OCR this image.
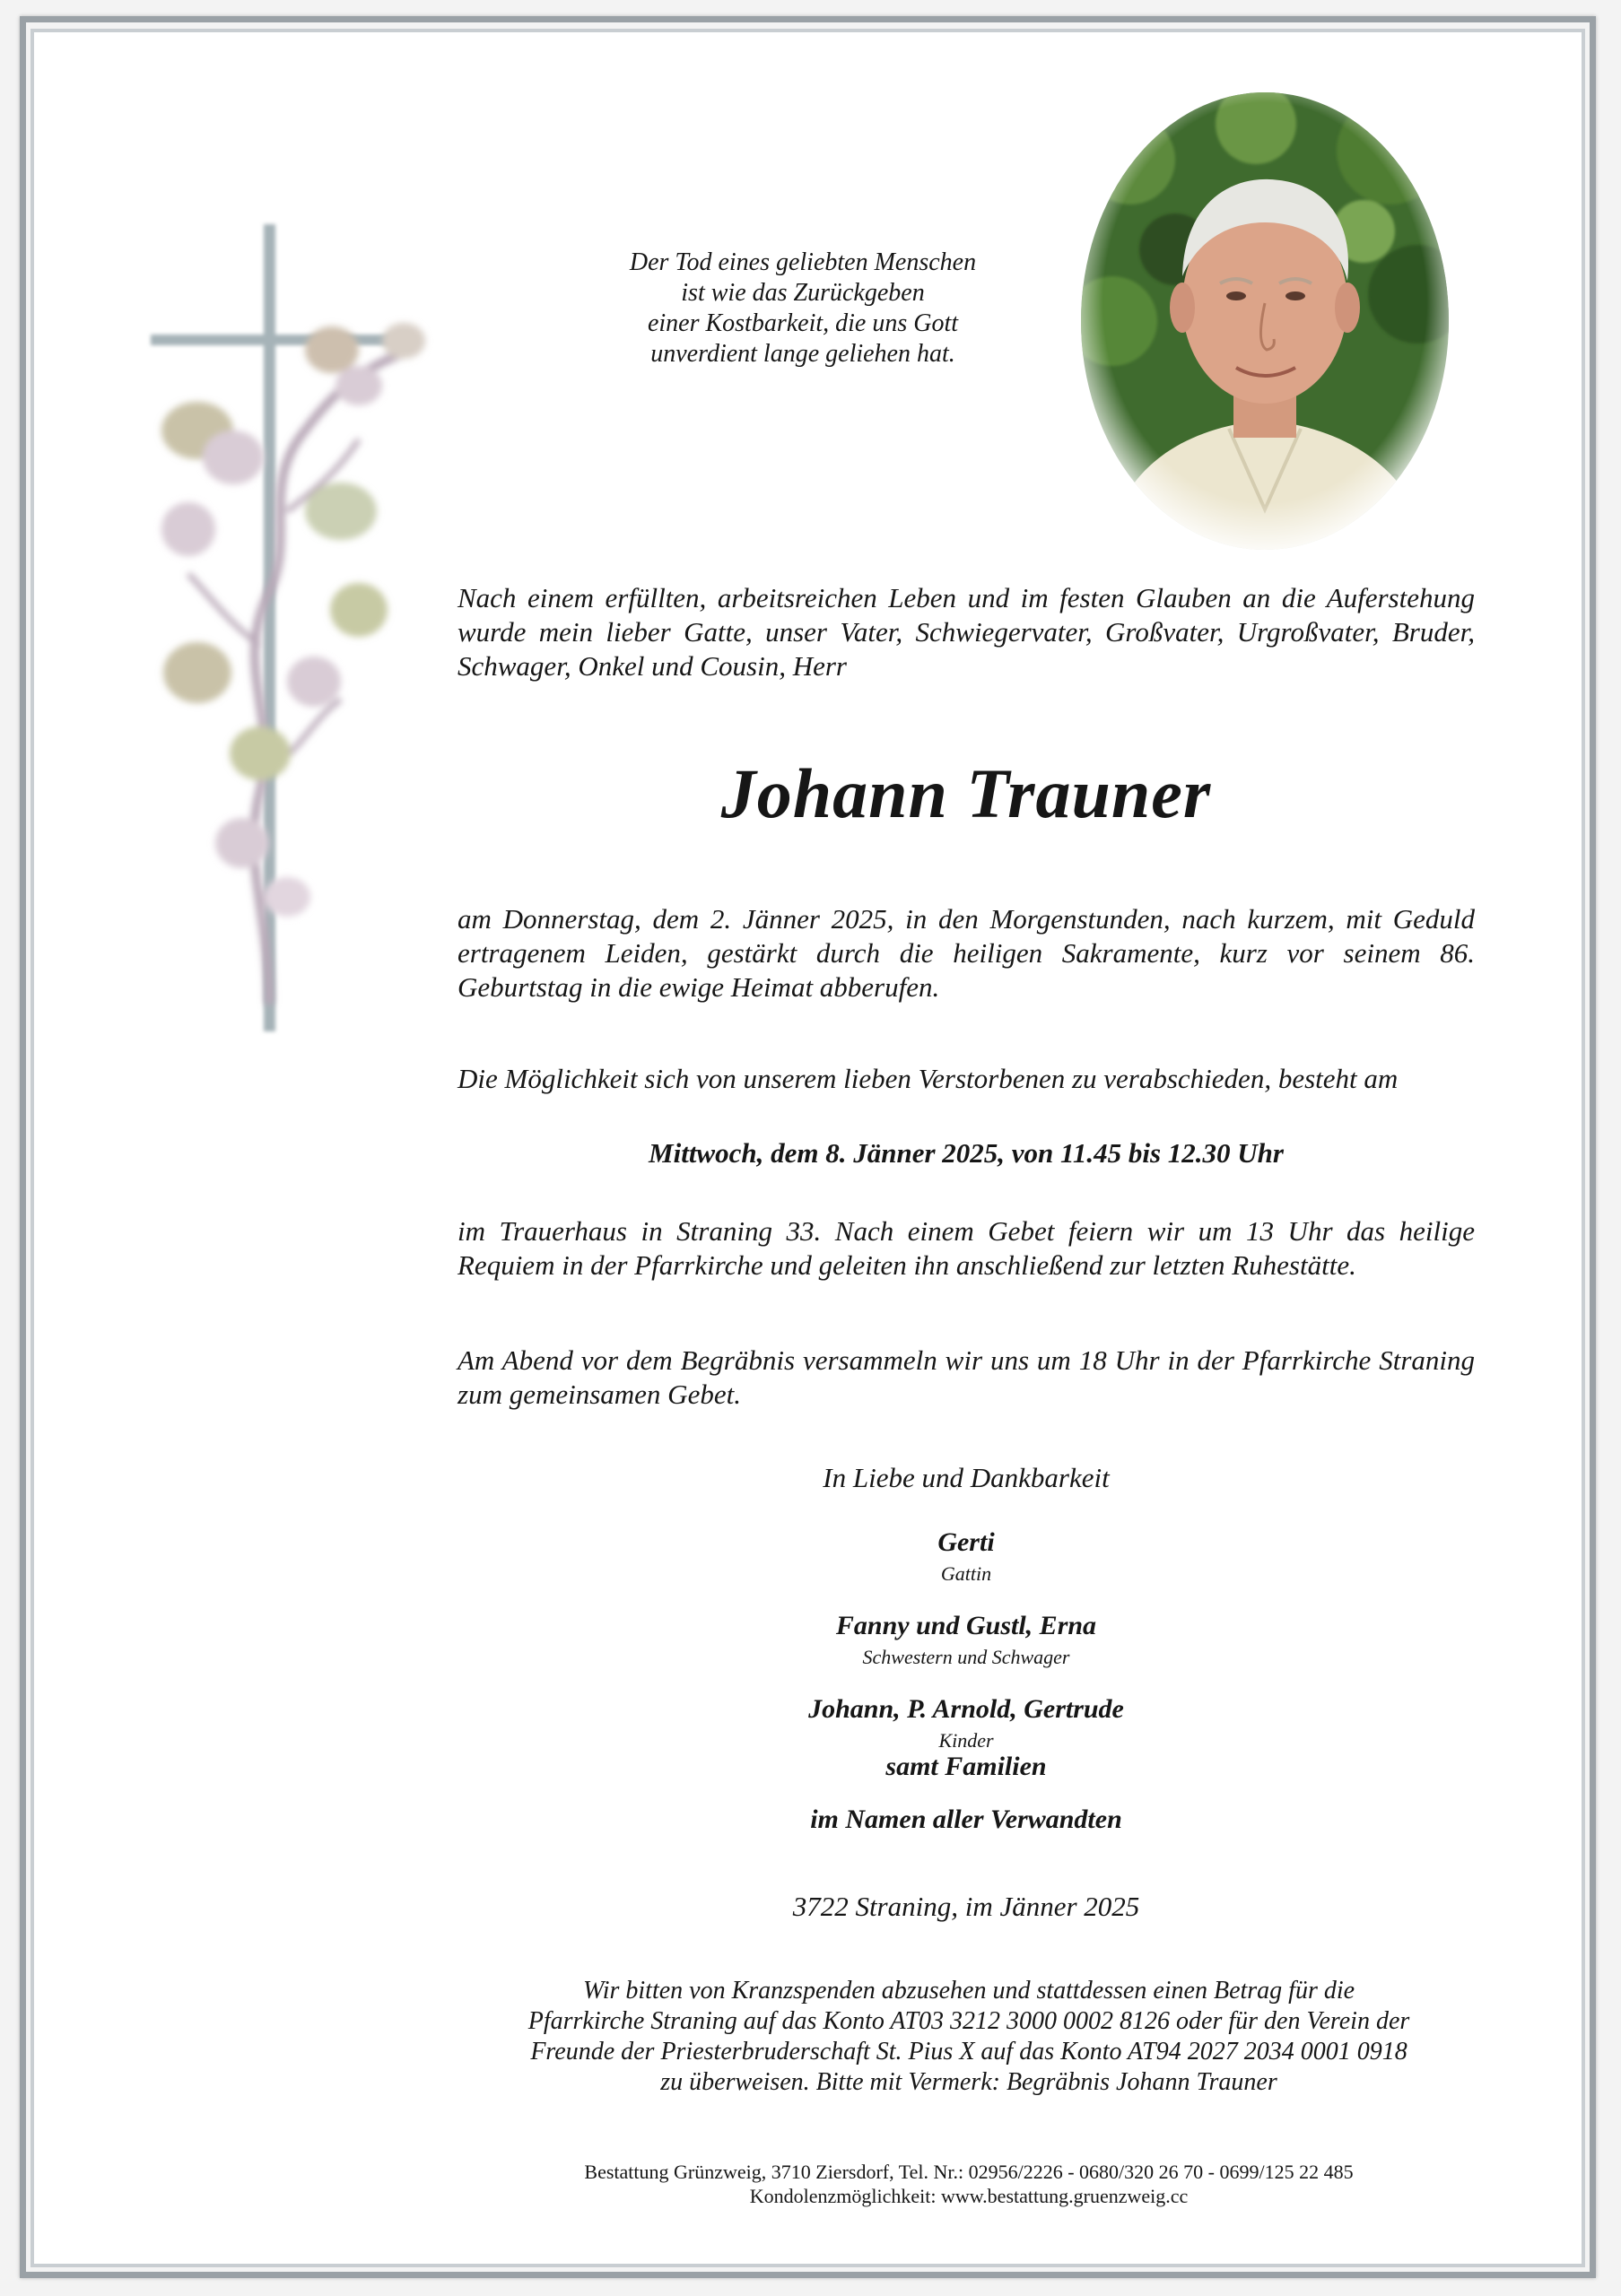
Der Tod eines geliebten Menschen
ist wie das Zurückgeben
einer Kostbarkeit, die uns Gott
unverdient lange geliehen hat.
Nach einem erfüllten, arbeitsreichen Leben und im festen Glauben an die Auferstehung wurde mein lieber Gatte, unser Vater, Schwiegervater, Großvater, Urgroßvater, Bruder, Schwager, Onkel und Cousin, Herr
Johann Trauner
am Donnerstag, dem 2. Jänner 2025, in den Morgenstunden, nach kurzem, mit Geduld ertragenem Leiden, gestärkt durch die heiligen Sakramente, kurz vor seinem 86. Geburtstag in die ewige Heimat abberufen.
Die Möglichkeit sich von unserem lieben Verstorbenen zu verabschieden, besteht am
Mittwoch, dem 8. Jänner 2025, von 11.45 bis 12.30 Uhr
im Trauerhaus in Straning 33. Nach einem Gebet feiern wir um 13 Uhr das heilige Requiem in der Pfarrkirche und geleiten ihn anschließend zur letzten Ruhestätte.
Am Abend vor dem Begräbnis versammeln wir uns um 18 Uhr in der Pfarrkirche Straning zum gemeinsamen Gebet.
In Liebe und Dankbarkeit
Gerti
Gattin
Fanny und Gustl, Erna
Schwestern und Schwager
Johann, P. Arnold, Gertrude
Kinder
samt Familien
im Namen aller Verwandten
3722 Straning, im Jänner 2025
Wir bitten von Kranzspenden abzusehen und stattdessen einen Betrag für die
Pfarrkirche Straning auf das Konto AT03 3212 3000 0002 8126 oder für den Verein der
Freunde der Priesterbruderschaft St. Pius X auf das Konto AT94 2027 2034 0001 0918
zu überweisen. Bitte mit Vermerk: Begräbnis Johann Trauner
Bestattung Grünzweig, 3710 Ziersdorf, Tel. Nr.: 02956/2226 - 0680/320 26 70 - 0699/125 22 485
Kondolenzmöglichkeit: www.bestattung.gruenzweig.cc
